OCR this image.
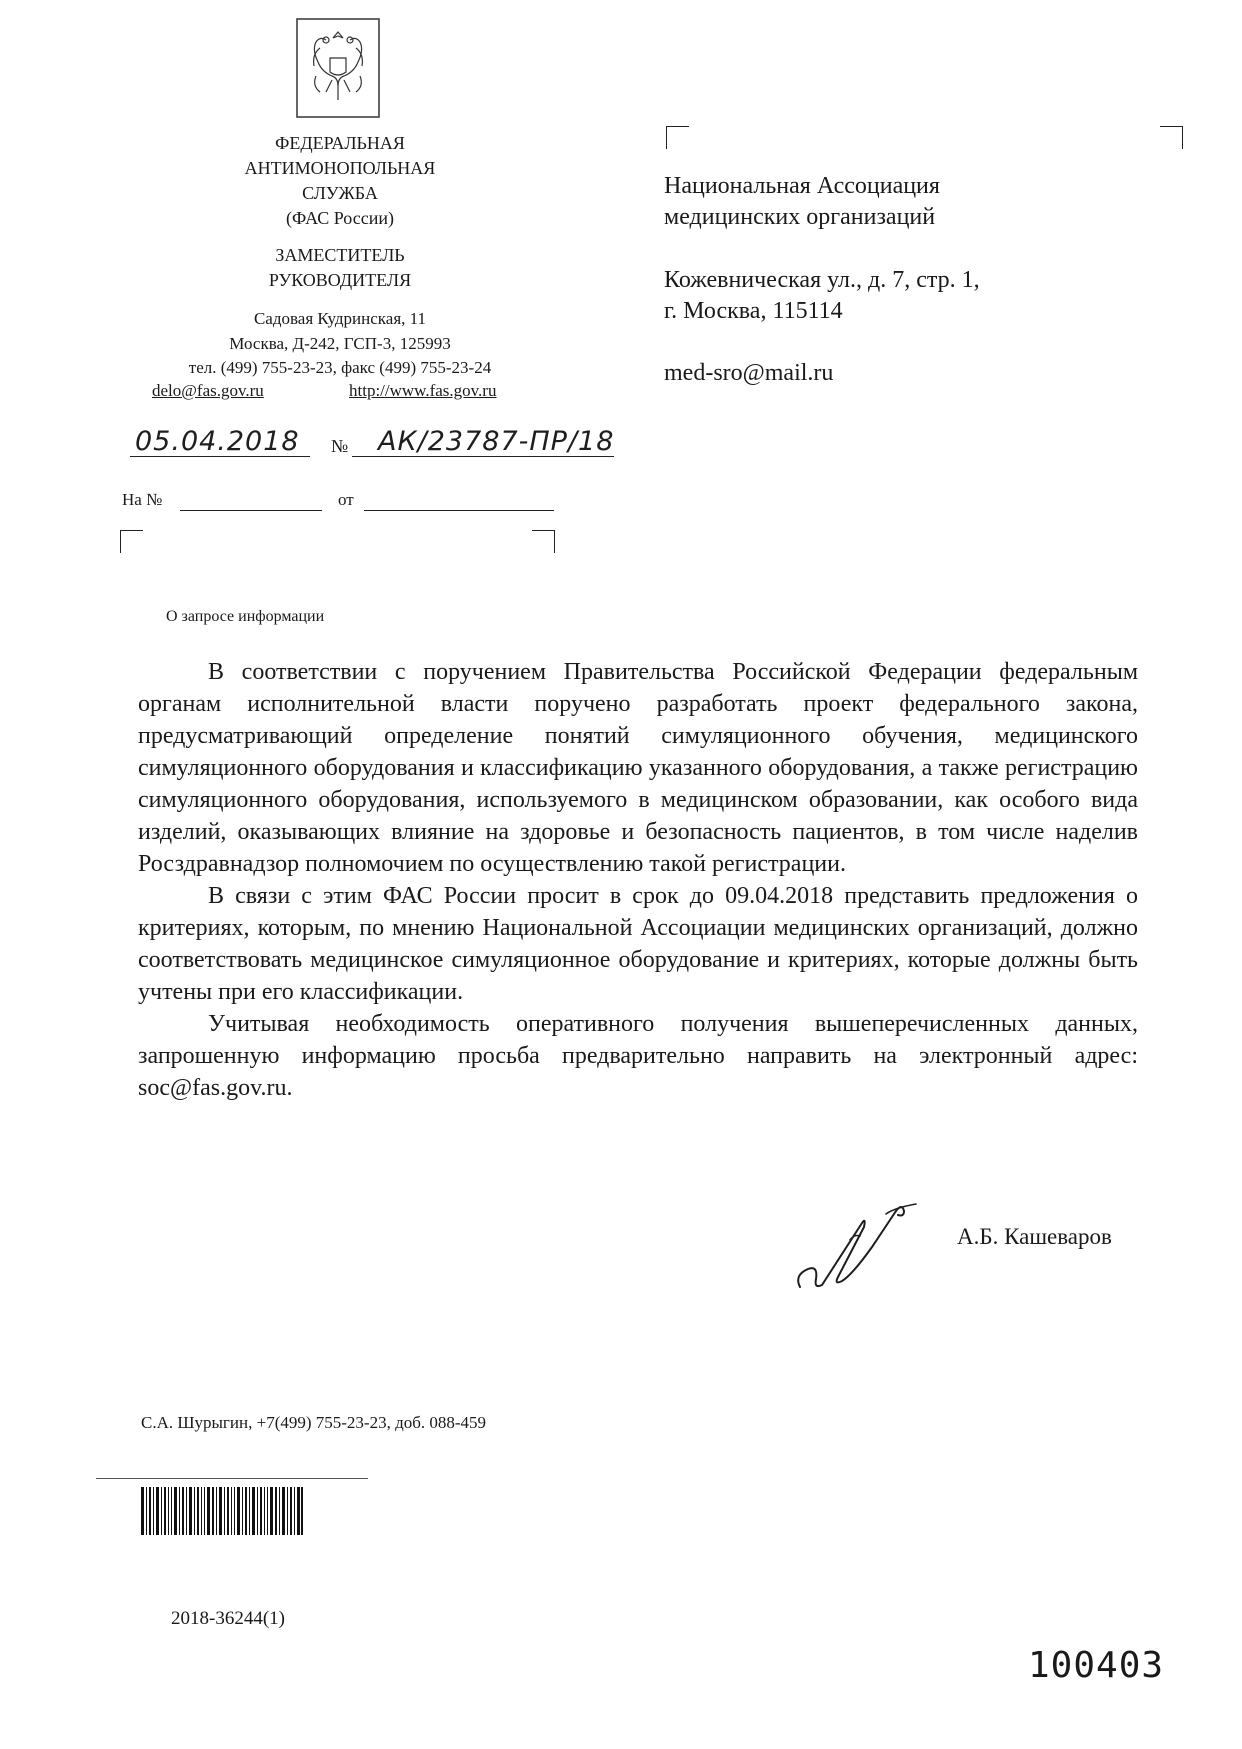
ФЕДЕРАЛЬНАЯ
АНТИМОНОПОЛЬНАЯ
СЛУЖБА
(ФАС России)
ЗАМЕСТИТЕЛЬ
РУКОВОДИТЕЛЯ
Садовая Кудринская, 11
Москва, Д-242, ГСП-3, 125993
тел. (499) 755-23-23, факс (499) 755-23-24
delo@fas.gov.ru	http://www.fas.gov.ru
05.04.2018 № АК/23787-ПР/18
На №	от
Национальная Ассоциация
медицинских организаций
Кожевническая ул., д. 7, стр. 1,
г. Москва, 115114
med-sro@mail.ru
О запросе информации

В соответствии с поручением Правительства Российской Федерации федеральным органам исполнительной власти поручено разработать проект федерального закона, предусматривающий определение понятий симуляционного обучения, медицинского симуляционного оборудования и классификацию указанного оборудования, а также регистрацию симуляционного оборудования, используемого в медицинском образовании, как особого вида изделий, оказывающих влияние на здоровье и безопасность пациентов, в том числе наделив Росздравнадзор полномочием по осуществлению такой регистрации.

В связи с этим ФАС России просит в срок до 09.04.2018 представить предложения о критериях, которым, по мнению Национальной Ассоциации медицинских организаций, должно соответствовать медицинское симуляционное оборудование и критериях, которые должны быть учтены при его классификации.

Учитывая необходимость оперативного получения вышеперечисленных данных, запрошенную информацию просьба предварительно направить на электронный адрес: soc@fas.gov.ru.

А.Б. Кашеваров
С.А. Шурыгин, +7(499) 755-23-23, доб. 088-459
2018-36244(1)
100403
